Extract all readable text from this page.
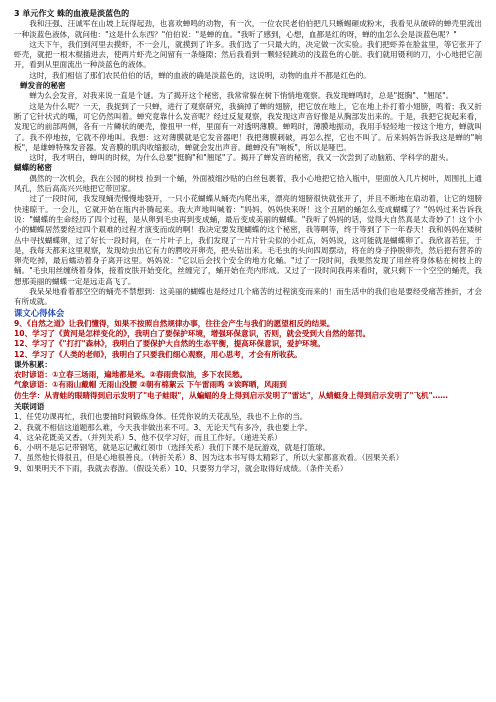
3 单元作文 蛛的血液是淡蓝色的

我和汪强、汪诚军在山坡上玩得起劲，也喜欢蝉鸣的动物，有一次，一位农民老伯伯把几只蜥蜴砸成粉末，我看见从破碎的蝉壳里流出一种淡蓝色液体，就问他："这是什么东西？"伯伯说："是蝉的血。"我听了感到，心想，血都是红的呀，蝉的血怎么会是淡蓝色呢？"

这天下午，我们到河里去摸虾，不一会儿，就摸到了许多。我们选了一只最大的，决定做一次实验。我们把虾养在脸盆里，等它张开了虾壳，就把一根木棍插进去，使两片虾壳之间留有一条缝隙；然后我看到一颗轻轻跳动的浅蓝色的心脏。我们就用镊利的刀，小心地把它剖开，看到从里面流出一种淡蓝色的液体。

这时，我们相信了那们农民伯伯的话，蝉的血液的确是淡蓝色的，这说明，动物的血并不都是红色的。

蝉发音的秘密

蝉为么会发音，对我来说一直是个谜。为了揭开这个秘密，我常常躲在树下悄悄地观察。我发现蝉鸣时，总是"挺胸"、"翘尾"。

这是为什么呢？一天，我捉到了一只蝉，进行了观察研究，我摘掉了蝉的翅膀，把它放在地上，它在地上扑打着小翅膀，鸣着；我又折断了它针状式的嘴，可它仍然叫着。蝉究竟靠什么发音呢？经过反复观察，我发现这声音好像是从胸部发出来的。于是，我把它捉起来看，发现它的前部两侧，各有一片鳞状的硬壳，像扭甲一样，里面有一对透明薄膜。蝉鸣时，薄膜地振动，我用手轻轻地一按这个地方，蝉就叫了。我不停地按，它就不停地叫。我想：这对薄膜就是它发音器吧！我把薄膜刺破，再怎么捏，它也不叫了。后来妈妈告诉我这是蝉的"响板"，是雄蝉特殊发音器。发音膜的肌肉收缩振动，蝉就会发出声音。雌蝉没有"响板"，所以是哑巴。

这时，我才明白，蝉叫的时候，为什么总要"挺胸"和"翘尾"了。揭开了蝉发音的秘密，我又一次尝到了动脑筋、学科学的甜头。

蝴蝶的秘密

偶然的一次机会，我在公园的树枝 捡到一个蛹，外面被细沙贴的白丝包裹着，我小心地把它拾入瓶中，里面放入几片树叶，周围扎上通风孔，然后高高兴兴地把它带回家。

过了一段时间，我发现蛹壳慢慢地裂开，一只小花蝴蝶从蛹壳内爬出来，漂亮的翅膀很快就张开了，并且不断地在扇动着，让它的翅膀快速晾干。一会儿，它就开始在瓶内扑腾起来。我大声地叫喊着："妈妈，妈妈快来呀！这个丑陋的蛹怎么变成蝴蝶了？"妈妈过来告诉我说："蝴蝶的生命经历了四个过程，是从卵到毛虫再到变成蛹，最后变成美丽的蝴蝶。"我听了妈妈的话，觉得大自然真是太奇妙了！这个小小的蝴蝶居然要经过四个艰难的过程才演变而成的啊！我决定要发现蝴蝶的这个秘密，我等啊等，终于等到了下一年春天！我和妈妈在矮树丛中寻找蝴蝶卵，过了好长一段时间，在一片叶子上，我们发现了一片片针尖似的小红点，妈妈说，这可能就是蝴蝶卵了。我欣喜若狂，于是，我每天都来这里观察，发现幼虫出它有力的腭咬开卵壳，把头钻出来。毛毛虫的头向四周摆动，将在的身子挣脱卵壳，然后把有营养的卵壳吃掉，最后蠕动着身子离开这里。妈妈说："它以后会找个安全的地方化蛹。"过了一段时间，我果然发现了用丝将身体粘在树枝上的蛹。"毛虫用丝缠绕着身体，接着皮肤开始变化，丝缠完了，蛹开始在壳内形成。又过了一段时间我再来看时，就只剩下一个空空的蛹壳，我想那美丽的蝴蝶一定是远走高飞了。

我呆呆地看着那空空的蛹壳不禁想到：这美丽的蝴蝶也是经过几个痛苦的过程演变而来的！而生活中的我们也是要经受痛苦挫折，才会有所成就。

课文心得体会

9、《自然之道》让我们懂得，如果不按照自然规律办事，往往会产生与我们的愿望相反的结果。

10、学习了《黄河是怎样变化的》，我明白了要保护环境，增强环保意识，否则，就会受到大自然的惩罚。

12、学习了《"打打"森林》，我明白了要保护大自然的生态平衡，提高环保意识，爱护环境。

12、学习了《人类的老师》，我明白了只要我们细心观察，用心思考，才会有所收获。

课外积累：

农时谚语：①立春三场雨，遍地都是米。②春雨贵似油，多下农民愁。

气象谚语：①有雨山戴帽 无雨山没腰 ②朝有棉絮云 下午雷雨鸣 ③诶晖晒，风雨到

仿生学：从青蛙的眼睛得到启示发明了"电子蛙眼"，从蝙蝠的身上得到启示发明了"雷达"，从蜻蜓身上得到启示发明了"飞机"……

关联词语

1、任凭功课再忙，我们也要抽时间锻炼身体。任凭你说的天花乱坠，我也不上你的当。

2、我就不相信这道题那么难，今天我非做出来不可。3、无论天气有多冷，我也要上学。

4、这朵花既美又香。（并列关系）5、他不仅学习好，而且工作好。（递进关系）

6、小明不是忘记带钢笔，就是忘记戴红领巾（选择关系）我们下课不是玩游戏，就是打篮球。

7、虽然他长得很丑，但是心地很善良。（转折关系）8、因为这本书写得太精彩了，所以大家都喜欢看。（因果关系）

9、如果明天不下雨，我就去春游。（假设关系）10、只要努力学习，就会取得好成绩。（条件关系）
